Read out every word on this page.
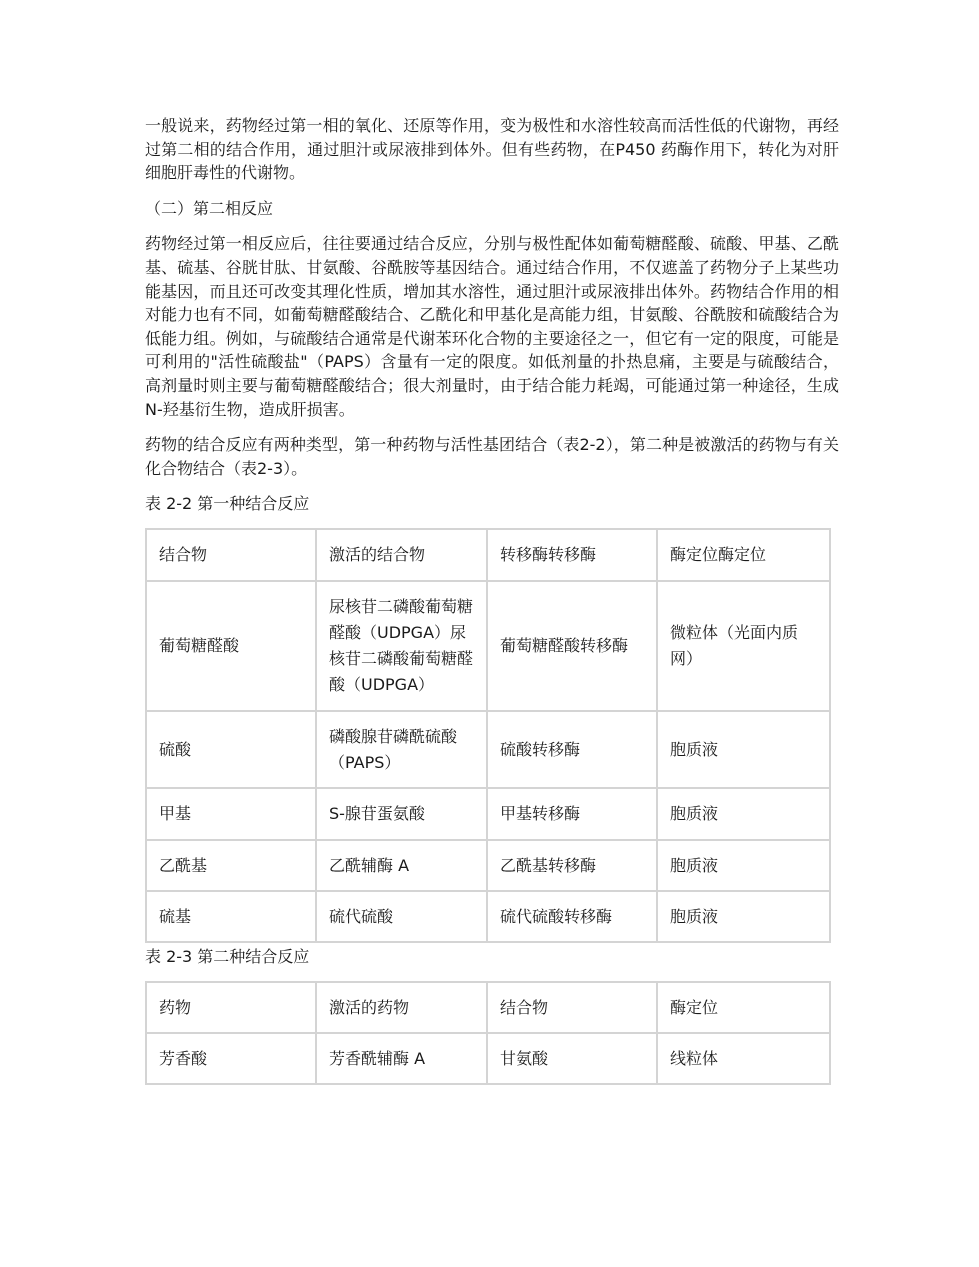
一般说来，药物经过第一相的氧化、还原等作用，变为极性和水溶性较高而活性低的代谢物，再经过第二相的结合作用，通过胆汁或尿液排到体外。但有些药物，在P450 药酶作用下，转化为对肝细胞肝毒性的代谢物。

（二）第二相反应

药物经过第一相反应后，往往要通过结合反应，分别与极性配体如葡萄糖醛酸、硫酸、甲基、乙酰基、硫基、谷胱甘肽、甘氨酸、谷酰胺等基因结合。通过结合作用，不仅遮盖了药物分子上某些功能基因，而且还可改变其理化性质，增加其水溶性，通过胆汁或尿液排出体外。药物结合作用的相对能力也有不同，如葡萄糖醛酸结合、乙酰化和甲基化是高能力组，甘氨酸、谷酰胺和硫酸结合为低能力组。例如，与硫酸结合通常是代谢苯环化合物的主要途径之一，但它有一定的限度，可能是可利用的"活性硫酸盐"（PAPS）含量有一定的限度。如低剂量的扑热息痛，主要是与硫酸结合，高剂量时则主要与葡萄糖醛酸结合；很大剂量时，由于结合能力耗竭，可能通过第一种途径，生成N-羟基衍生物，造成肝损害。

药物的结合反应有两种类型，第一种药物与活性基团结合（表2-2），第二种是被激活的药物与有关化合物结合（表2-3）。

表 2-2 第一种结合反应
结合物	激活的结合物	转移酶转移酶	酶定位酶定位
葡萄糖醛酸	尿核苷二磷酸葡萄糖醛酸（UDPGA）尿核苷二磷酸葡萄糖醛酸（UDPGA）	葡萄糖醛酸转移酶	微粒体（光面内质网）
硫酸	磷酸腺苷磷酰硫酸（PAPS）	硫酸转移酶	胞质液
甲基	S-腺苷蛋氨酸	甲基转移酶	胞质液
乙酰基	乙酰辅酶 A	乙酰基转移酶	胞质液
硫基	硫代硫酸	硫代硫酸转移酶	胞质液
表 2-3 第二种结合反应
药物	激活的药物	结合物	酶定位
芳香酸	芳香酰辅酶 A	甘氨酸	线粒体
